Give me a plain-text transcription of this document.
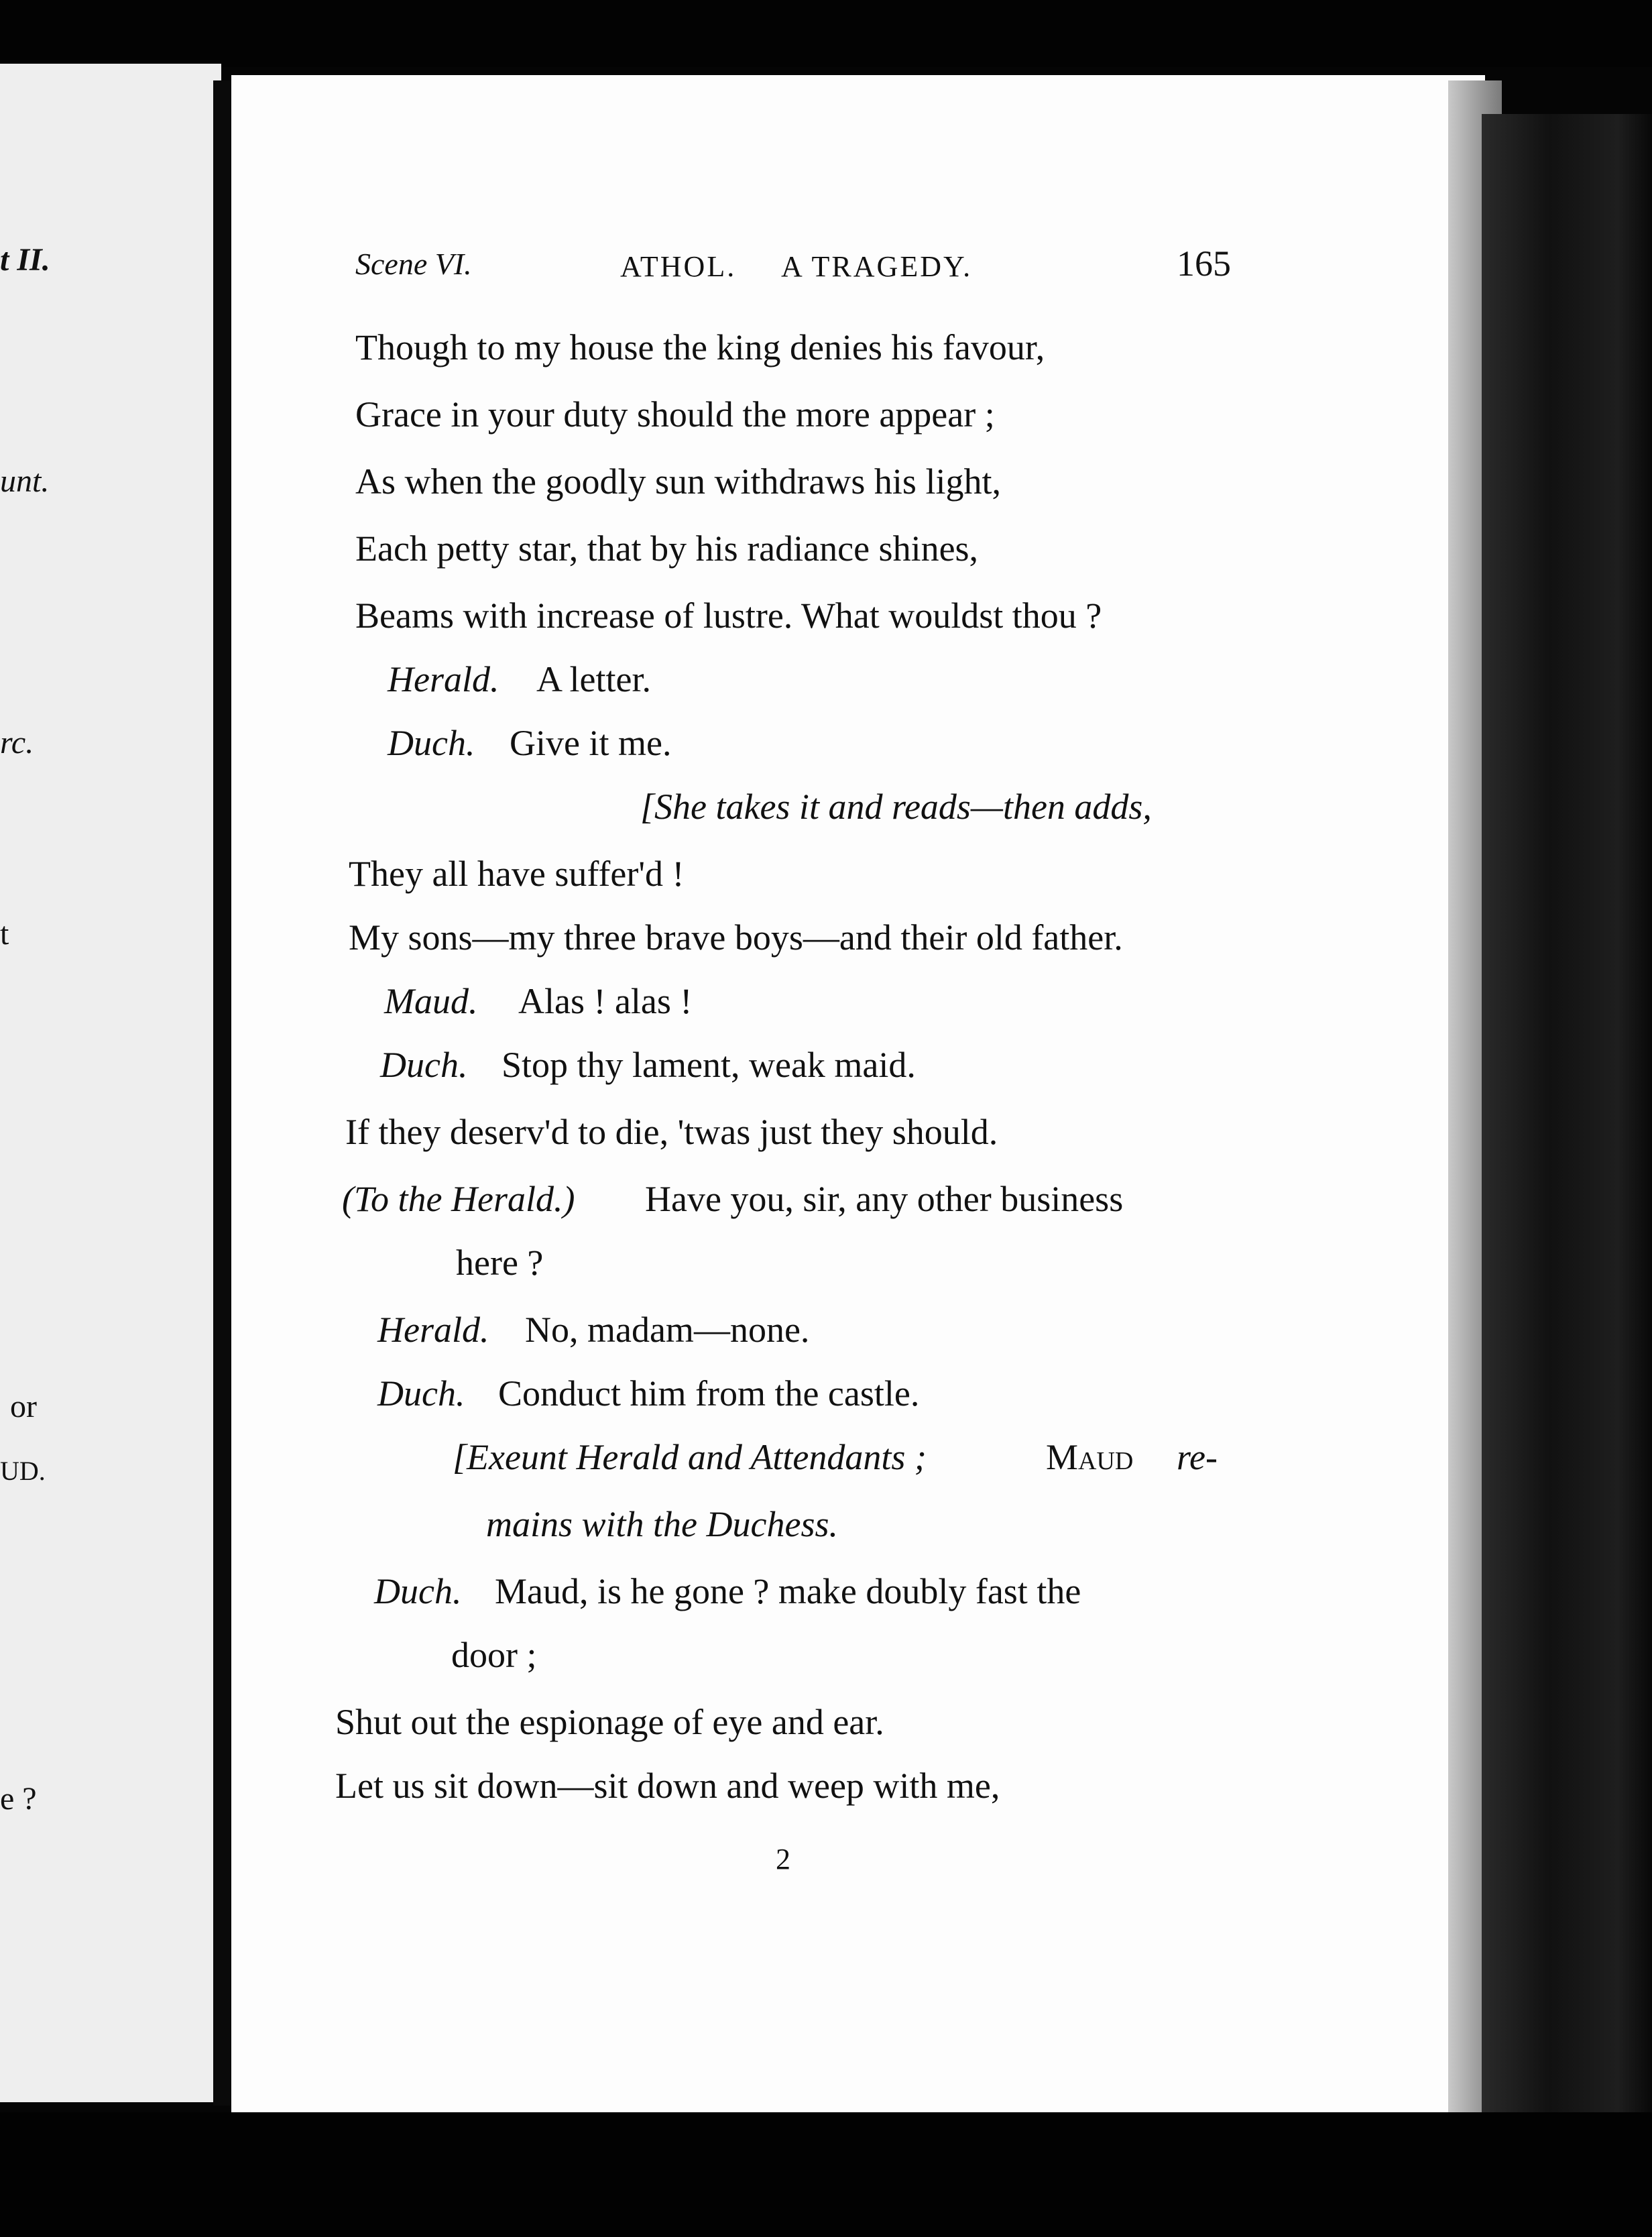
t II.
unt.
rc.
t
or
UD.
e ?
Scene VI.	ATHOL. A TRAGEDY.	165
Though to my house the king denies his favour,
Grace in your duty should the more appear ;
As when the goodly sun withdraws his light,
Each petty star, that by his radiance shines,
Beams with increase of lustre. What wouldst thou ?
Herald. A letter.
Duch. Give it me.
[She takes it and reads—then adds,
They all have suffer'd !
My sons—my three brave boys—and their old father.
Maud. Alas ! alas !
Duch. Stop thy lament, weak maid.
If they deserv'd to die, 'twas just they should.
(To the Herald.) Have you, sir, any other business
here ?
Herald. No, madam—none.
Duch. Conduct him from the castle.
[Exeunt Herald and Attendants ;	Maud re-
mains with the Duchess.
Duch. Maud, is he gone ? make doubly fast the
door ;
Shut out the espionage of eye and ear.
Let us sit down—sit down and weep with me,
2
